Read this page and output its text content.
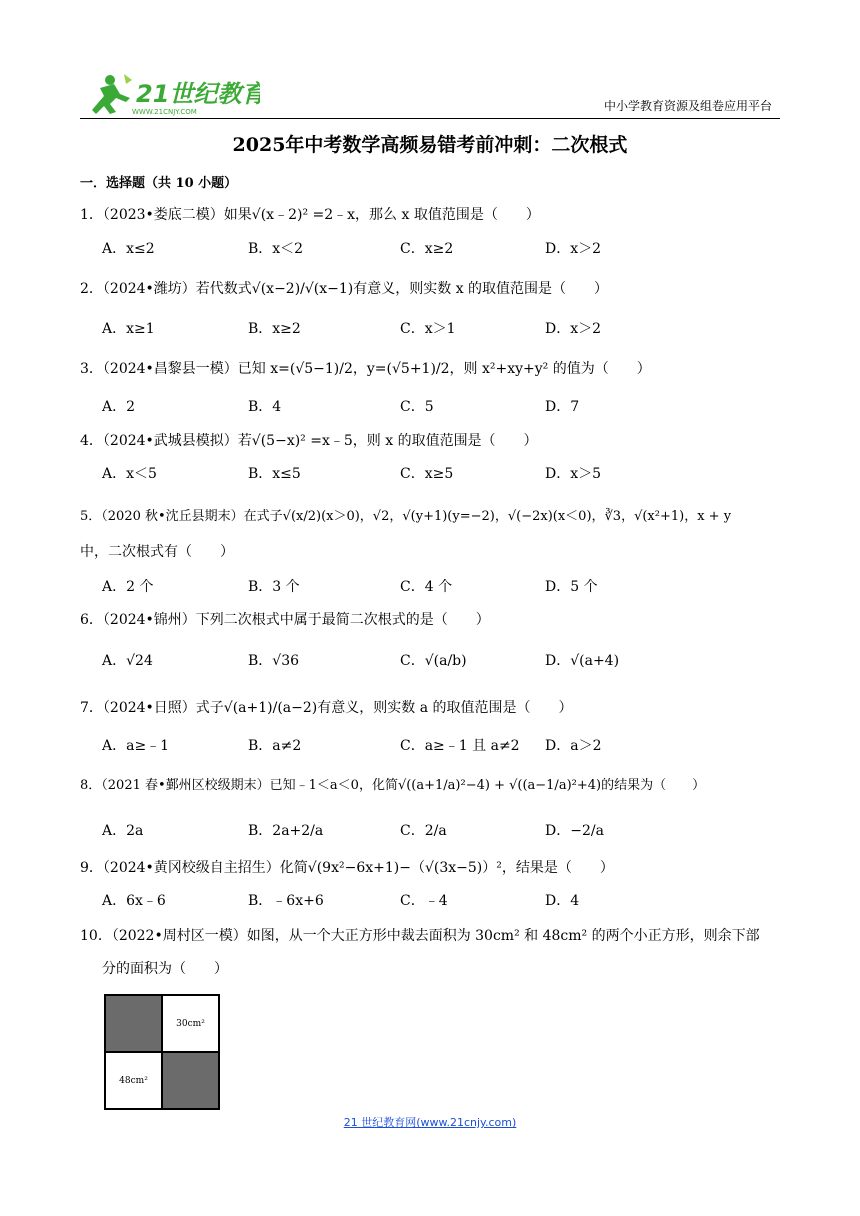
21世纪教育
WWW.21CNJY.COM	中小学教育资源及组卷应用平台
2025年中考数学高频易错考前冲刺：二次根式
一．选择题（共 10 小题）
1．（2023•娄底二模）如果√(x﹣2)² =2﹣x，那么 x 取值范围是（　　）
A．x≤2	B．x＜2	C．x≥2	D．x＞2
2．（2024•潍坊）若代数式√(x−2)/√(x−1)有意义，则实数 x 的取值范围是（　　）
A．x≥1	B．x≥2	C．x＞1	D．x＞2
3．（2024•昌黎县一模）已知 x=(√5−1)/2，y=(√5+1)/2，则 x²+xy+y² 的值为（　　）
A．2	B．4	C．5	D．7
4．（2024•武城县模拟）若√(5−x)² =x﹣5，则 x 的取值范围是（　　）
A．x＜5	B．x≤5	C．x≥5	D．x＞5
5．（2020 秋•沈丘县期末）在式子√(x/2)(x＞0)，√2，√(y+1)(y=−2)，√(−2x)(x＜0)，∛3，√(x²+1)，x + y
中，二次根式有（　　）
A．2 个	B．3 个	C．4 个	D．5 个
6．（2024•锦州）下列二次根式中属于最简二次根式的是（　　）
A．√24	B．√36	C．√(a/b)	D．√(a+4)
7．（2024•日照）式子√(a+1)/(a−2)有意义，则实数 a 的取值范围是（　　）
A．a≥﹣1	B．a≠2	C．a≥﹣1 且 a≠2 D．a＞2
8．（2021 春•鄞州区校级期末）已知﹣1＜a＜0，化简√((a+1/a)²−4) + √((a−1/a)²+4)的结果为（　　）
A．2a	B．2a+2/a	C．2/a	D．−2/a
9．（2024•黄冈校级自主招生）化简√(9x²−6x+1)−（√(3x−5)）²，结果是（　　）
A．6x﹣6	B．﹣6x+6	C．﹣4	D．4
10．（2022•周村区一模）如图，从一个大正方形中裁去面积为 30cm² 和 48cm² 的两个小正方形，则余下部
分的面积为（　　）
30cm²
48cm²
21 世纪教育网(www.21cnjy.com)
